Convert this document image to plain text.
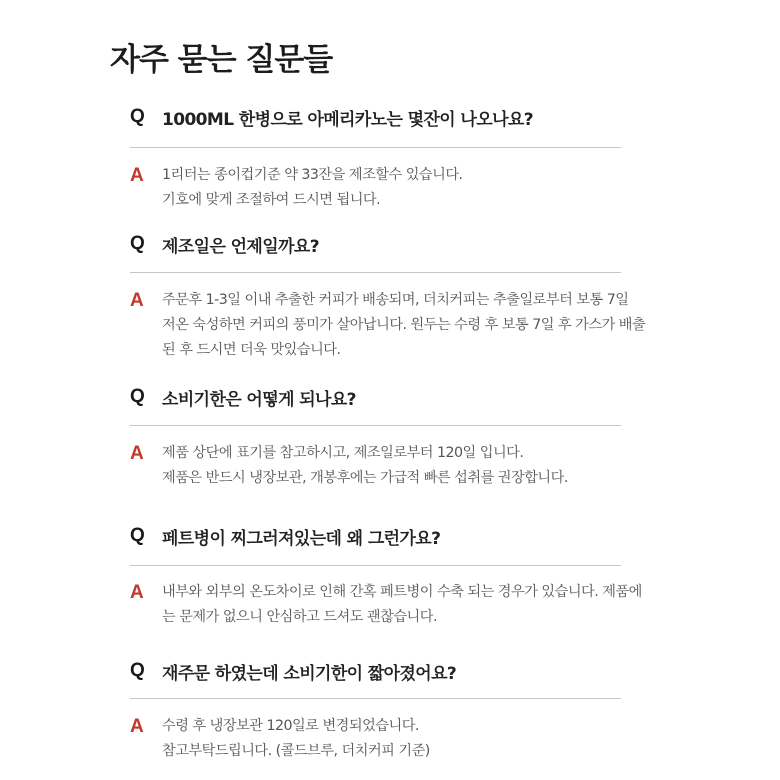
자주 묻는 질문들
Q	1000ML 한병으로 아메리카노는 몇잔이 나오나요?
A	1리터는 종이컵기준 약 33잔을 제조할수 있습니다.
기호에 맞게 조절하여 드시면 됩니다.
Q	제조일은 언제일까요?
A	주문후 1-3일 이내 추출한 커피가 배송되며, 더치커피는 추출일로부터 보통 7일
저온 숙성하면 커피의 풍미가 살아납니다. 원두는 수령 후 보통 7일 후 가스가 배출
된 후 드시면 더욱 맛있습니다.
Q	소비기한은 어떻게 되나요?
A	제품 상단에 표기를 참고하시고, 제조일로부터 120일 입니다.
제품은 반드시 냉장보관, 개봉후에는 가급적 빠른 섭취를 권장합니다.
Q	페트병이 찌그러져있는데 왜 그런가요?
A	내부와 외부의 온도차이로 인해 간혹 페트병이 수축 되는 경우가 있습니다. 제품에
는 문제가 없으니 안심하고 드셔도 괜찮습니다.
Q	재주문 하였는데 소비기한이 짧아졌어요?
A	수령 후 냉장보관 120일로 변경되었습니다.
참고부탁드립니다. (콜드브루, 더치커피 기준)
